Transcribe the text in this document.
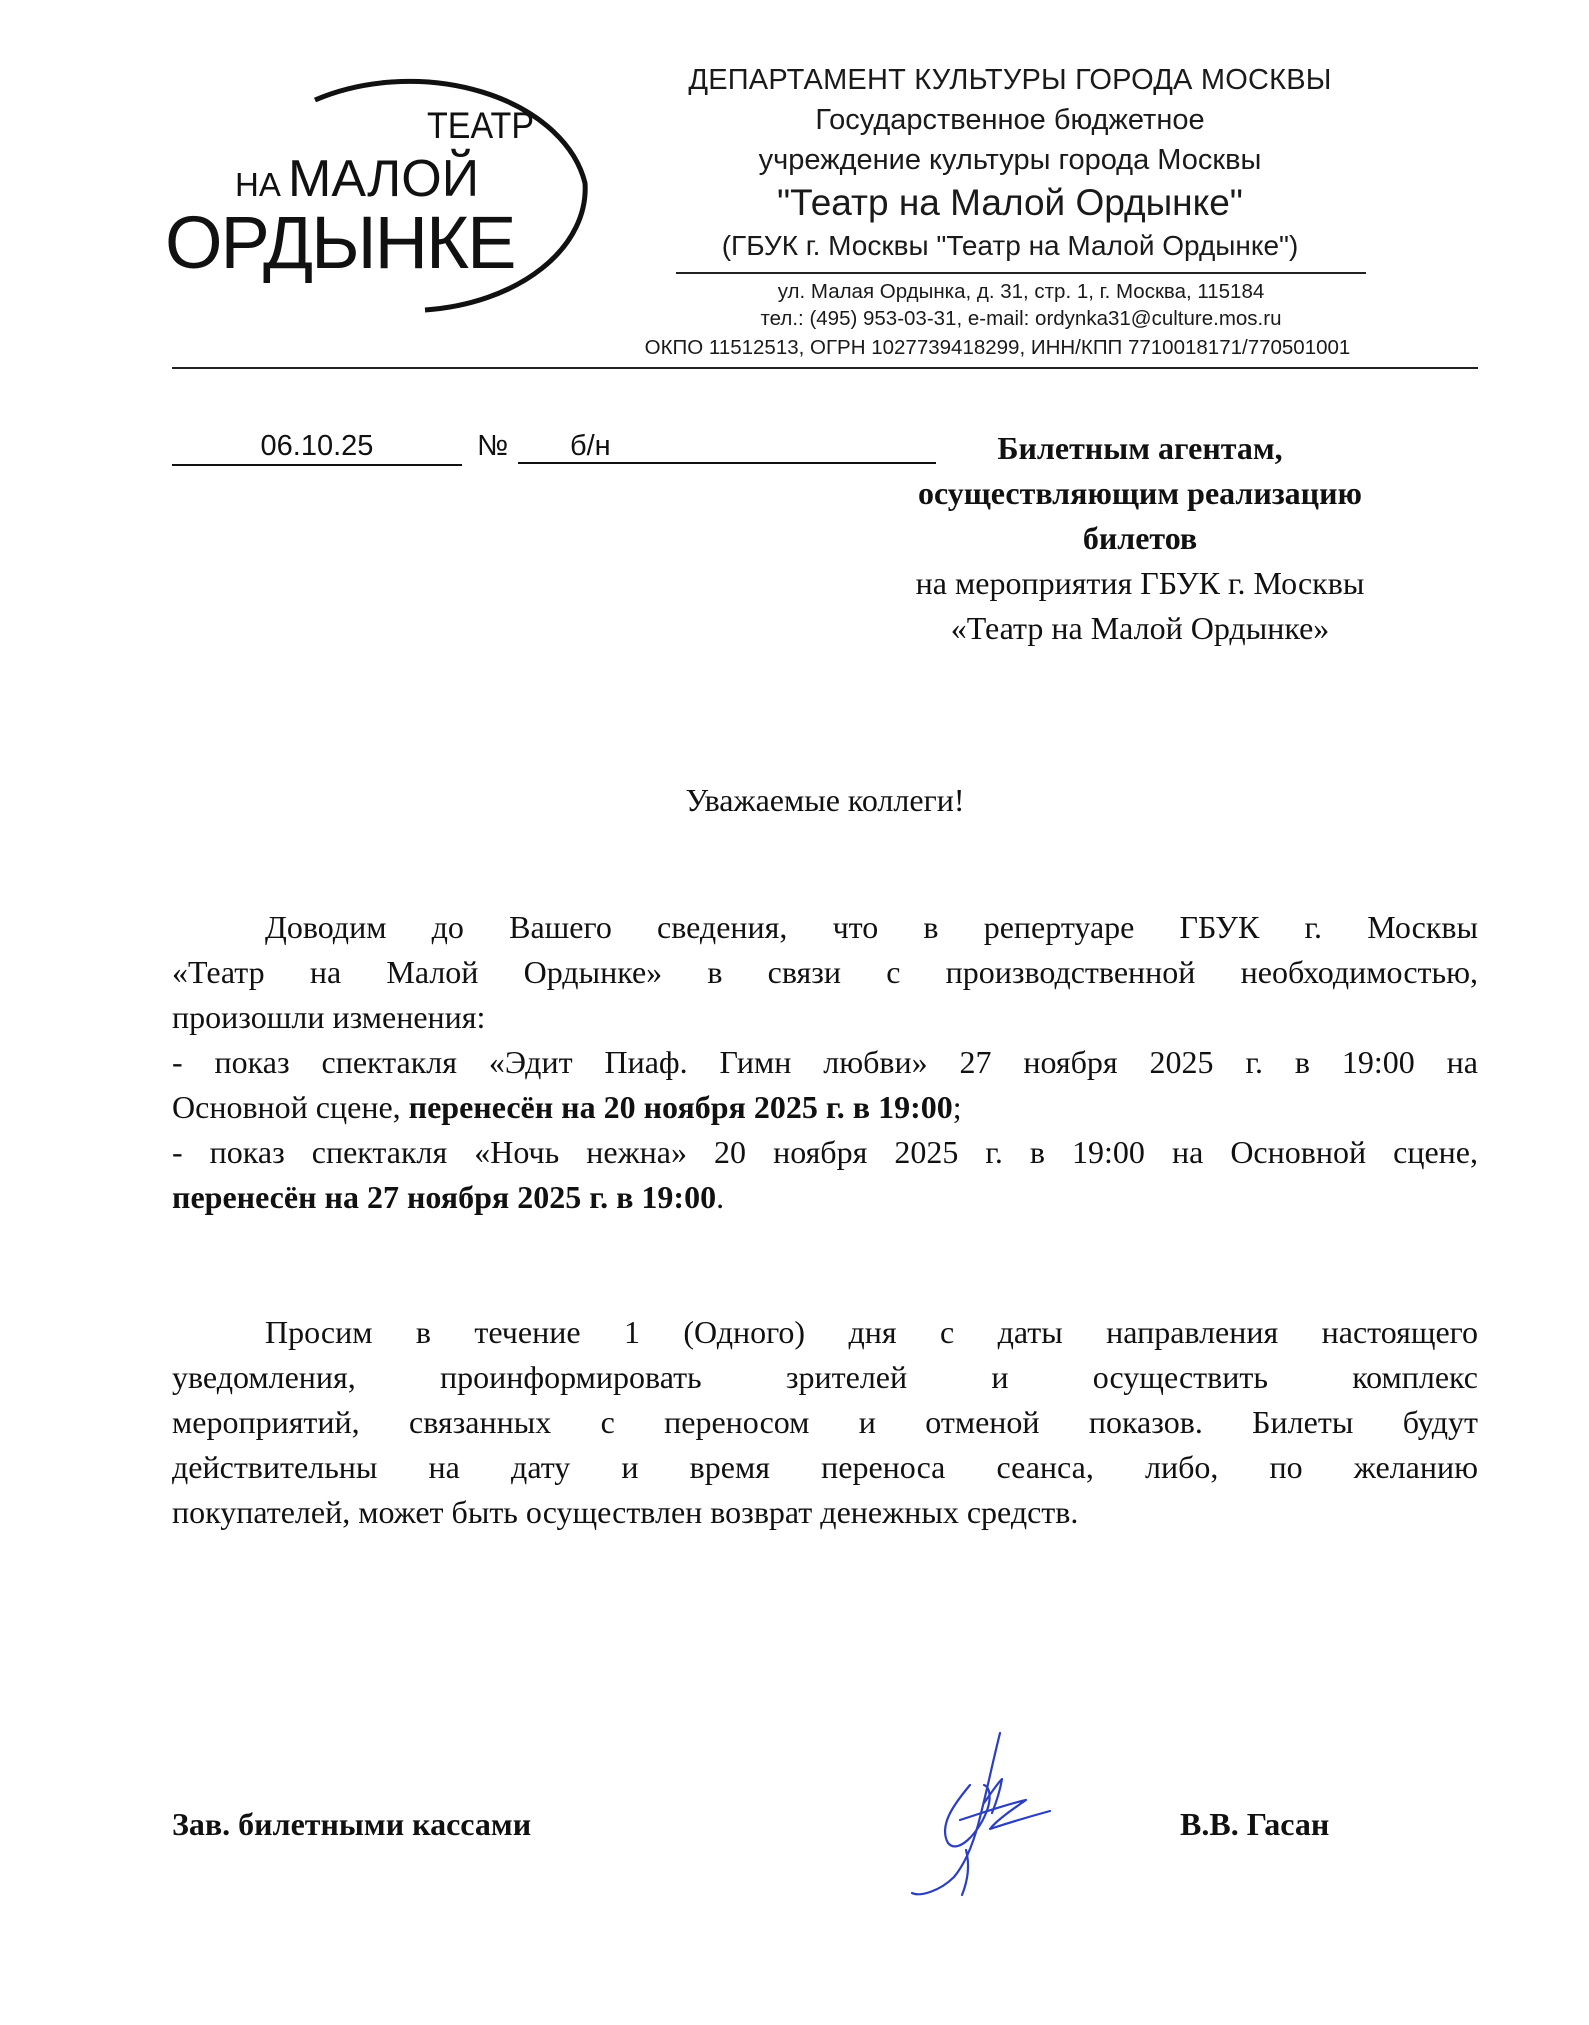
ТЕАТР
НА МАЛОЙ
ОРДЫНКЕ
ДЕПАРТАМЕНТ КУЛЬТУРЫ ГОРОДА МОСКВЫ
Государственное бюджетное
учреждение культуры города Москвы
"Театр на Малой Ордынке"
(ГБУК г. Москвы "Театр на Малой Ордынке")
ул. Малая Ордынка, д. 31, стр. 1, г. Москва, 115184
тел.: (495) 953-03-31, e-mail: ordynka31@culture.mos.ru
ОКПО 11512513, ОГРН 1027739418299, ИНН/КПП 7710018171/770501001
06.10.25	№	б/н	Билетным агентам,
осуществляющим реализацию
билетов
на мероприятия ГБУК г. Москвы
«Театр на Малой Ордынке»
Уважаемые коллеги!
Доводим до Вашего сведения, что в репертуаре ГБУК г. Москвы
«Театр на Малой Ордынке» в связи с производственной необходимостью,
произошли изменения:
- показ спектакля «Эдит Пиаф. Гимн любви» 27 ноября 2025 г. в 19:00 на
Основной сцене, перенесён на 20 ноября 2025 г. в 19:00;
- показ спектакля «Ночь нежна» 20 ноября 2025 г. в 19:00 на Основной сцене,
перенесён на 27 ноября 2025 г. в 19:00.
Просим в течение 1 (Одного) дня с даты направления настоящего
уведомления, проинформировать зрителей и осуществить комплекс
мероприятий, связанных с переносом и отменой показов. Билеты будут
действительны на дату и время переноса сеанса, либо, по желанию
покупателей, может быть осуществлен возврат денежных средств.
Зав. билетными кассами	В.В. Гасан
